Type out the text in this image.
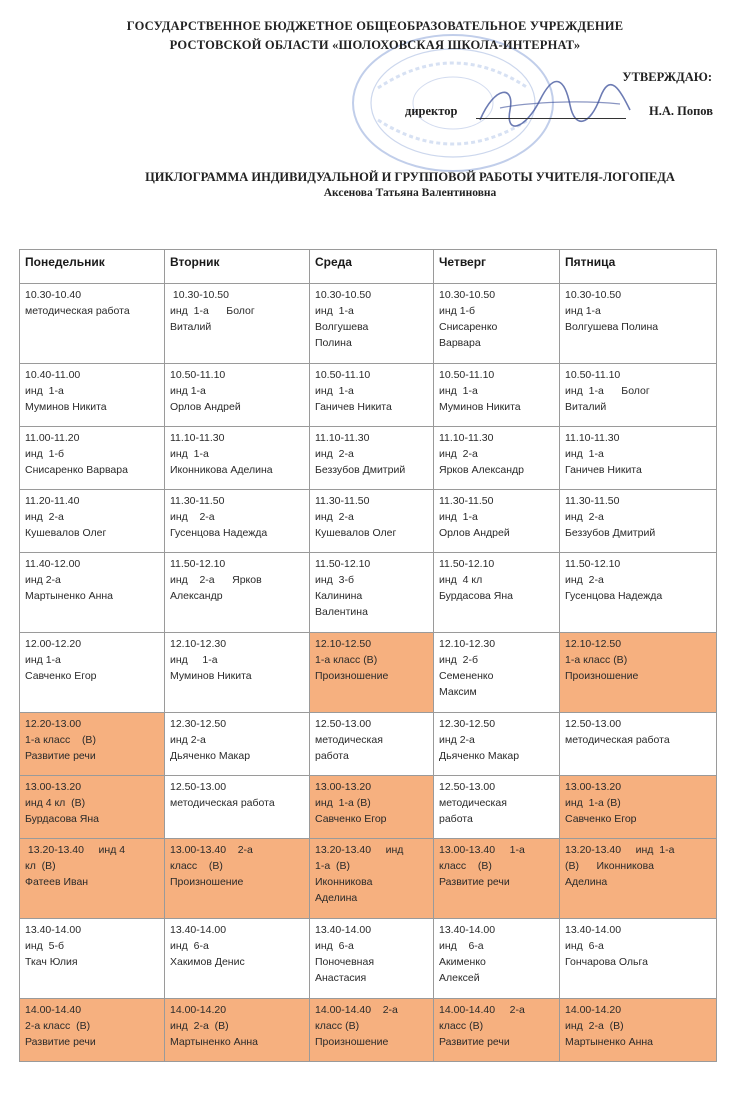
ГОСУДАРСТВЕННОЕ БЮДЖЕТНОЕ ОБЩЕОБРАЗОВАТЕЛЬНОЕ УЧРЕЖДЕНИЕ
РОСТОВСКОЙ ОБЛАСТИ «ШОЛОХОВСКАЯ ШКОЛА-ИНТЕРНАТ»
УТВЕРЖДАЮ:
директор	Н.А. Попов
ЦИКЛОГРАММА ИНДИВИДУАЛЬНОЙ И ГРУППОВОЙ РАБОТЫ УЧИТЕЛЯ-ЛОГОПЕДА
Аксенова Татьяна Валентиновна
Понедельник	Вторник	Среда	Четверг	Пятница

10.30-10.40
методическая работа	10.30-10.50
инд  1-а      Болог
Виталий	10.30-10.50
инд  1-а
Волгушева
Полина	10.30-10.50
инд 1-б
Снисаренко
Варвара	10.30-10.50
инд 1-а
Волгушева Полина

10.40-11.00
инд  1-а
Муминов Никита	10.50-11.10
инд 1-а
Орлов Андрей	10.50-11.10
инд  1-а
Ганичев Никита	10.50-11.10
инд  1-а
Муминов Никита	10.50-11.10
инд  1-а      Болог
Виталий

11.00-11.20
инд  1-б
Снисаренко Варвара	11.10-11.30
инд  1-а
Иконникова Аделина	11.10-11.30
инд  2-а
Беззубов Дмитрий	11.10-11.30
инд  2-а
Ярков Александр	11.10-11.30
инд  1-а
Ганичев Никита

11.20-11.40
инд  2-а
Кушевалов Олег	11.30-11.50
инд    2-а
Гусенцова Надежда	11.30-11.50
инд  2-а
Кушевалов Олег	11.30-11.50
инд  1-а
Орлов Андрей	11.30-11.50
инд  2-а
Беззубов Дмитрий

11.40-12.00
инд 2-а
Мартыненко Анна	11.50-12.10
инд    2-а      Ярков
Александр	11.50-12.10
инд  3-б
Калинина
Валентина	11.50-12.10
инд  4 кл
Бурдасова Яна	11.50-12.10
инд  2-а
Гусенцова Надежда

12.00-12.20
инд 1-а
Савченко Егор	12.10-12.30
инд     1-а
Муминов Никита	12.10-12.50
1-а класс (В)
Произношение	12.10-12.30
инд  2-б
Семененко
Максим	12.10-12.50
1-а класс (В)
Произношение

12.20-13.00
1-а класс    (В)
Развитие речи	12.30-12.50
инд 2-а
Дьяченко Макар	12.50-13.00
методическая
работа	12.30-12.50
инд 2-а
Дьяченко Макар	12.50-13.00
методическая работа

13.00-13.20
инд 4 кл  (В)
Бурдасова Яна	12.50-13.00
методическая работа	13.00-13.20
инд  1-а (В)
Савченко Егор	12.50-13.00
методическая
работа	13.00-13.20
инд  1-а (В)
Савченко Егор

13.20-13.40     инд 4
кл  (В)
Фатеев Иван	13.00-13.40    2-а
класс    (В)
Произношение	13.20-13.40     инд
1-а  (В)
Иконникова
Аделина	13.00-13.40     1-а
класс    (В)
Развитие речи	13.20-13.40     инд  1-а
(В)      Иконникова
Аделина

13.40-14.00
инд  5-б
Ткач Юлия	13.40-14.00
инд  6-а
Хакимов Денис	13.40-14.00
инд  6-а
Поночевная
Анастасия	13.40-14.00
инд    6-а
Акименко
Алексей	13.40-14.00
инд  6-а
Гончарова Ольга

14.00-14.40
2-а класс  (В)
Развитие речи	14.00-14.20
инд  2-а  (В)
Мартыненко Анна	14.00-14.40    2-а
класс (В)
Произношение	14.00-14.40     2-а
класс (В)
Развитие речи	14.00-14.20
инд  2-а  (В)
Мартыненко Анна
